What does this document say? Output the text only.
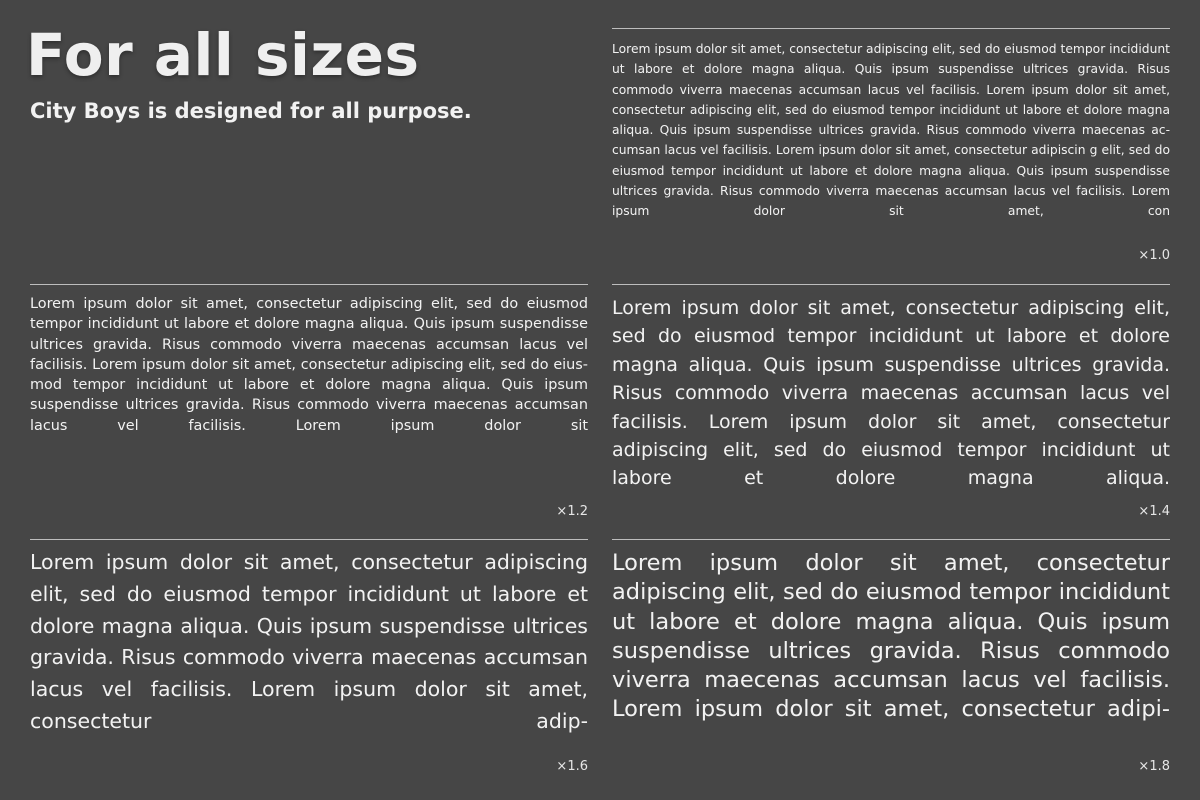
For all sizes

City Boys is designed for all purpose.

Lorem ipsum dolor sit amet, consectetur adipiscing elit, sed do eiusmod tempor incididunt ut labore et dolore magna aliqua. Quis ipsum suspendisse ultrices gravida. Risus commodo viverra maecenas accumsan lacus vel facilisis. Lorem ipsum dolor sit amet, consectetur adipiscing elit, sed do eiusmod tempor incididunt ut labore et dolore magna aliqua. Quis ipsum suspendisse ultrices gravida. Risus commodo viverra maecenas accumsan lacus vel facilisis. Lorem ipsum dolor sit amet, consectetur adipiscin g elit, sed do eiusmod tempor incididunt ut labore et dolore magna aliqua. Quis ipsum suspendisse ultrices gravida. Risus commodo viverra maecenas accumsan lacus vel facilisis. Lorem ipsum dolor sit amet, con

×1.0

Lorem ipsum dolor sit amet, consectetur adipiscing elit, sed do eiusmod tempor incididunt ut labore et dolore magna aliqua. Quis ipsum suspendisse ultrices gravida. Risus commodo viverra maecenas accumsan lacus vel facilisis. Lorem ipsum dolor sit amet, consectetur adipiscing elit, sed do eiusmod tempor incididunt ut labore et dolore magna aliqua. Quis ipsum suspendisse ultrices gravida. Risus commodo viverra maecenas accumsan lacus vel facilisis. Lorem ipsum dolor sit

×1.2

Lorem ipsum dolor sit amet, consectetur adipiscing elit, sed do eiusmod tempor incididunt ut labore et dolore magna aliqua. Quis ipsum suspendisse ultrices gravida. Risus commodo viverra maecenas accumsan lacus vel facilisis. Lorem ipsum dolor sit amet, consectetur adipiscing elit, sed do eiusmod tempor incididunt ut labore et dolore magna aliqua.

×1.4

Lorem ipsum dolor sit amet, consectetur adipiscing elit, sed do eiusmod tempor incididunt ut labore et dolore magna aliqua. Quis ipsum suspendisse ultrices gravida. Risus commodo viverra maecenas accumsan lacus vel facilisis. Lorem ipsum dolor sit amet, consectetur adip-

×1.6

Lorem ipsum dolor sit amet, consectetur adipiscing elit, sed do eiusmod tempor incididunt ut labore et dolore magna aliqua. Quis ipsum suspendisse ultrices gravida. Risus commodo viverra maecenas accumsan lacus vel facilisis. Lorem ipsum dolor sit amet, consectetur adipi-

×1.8
